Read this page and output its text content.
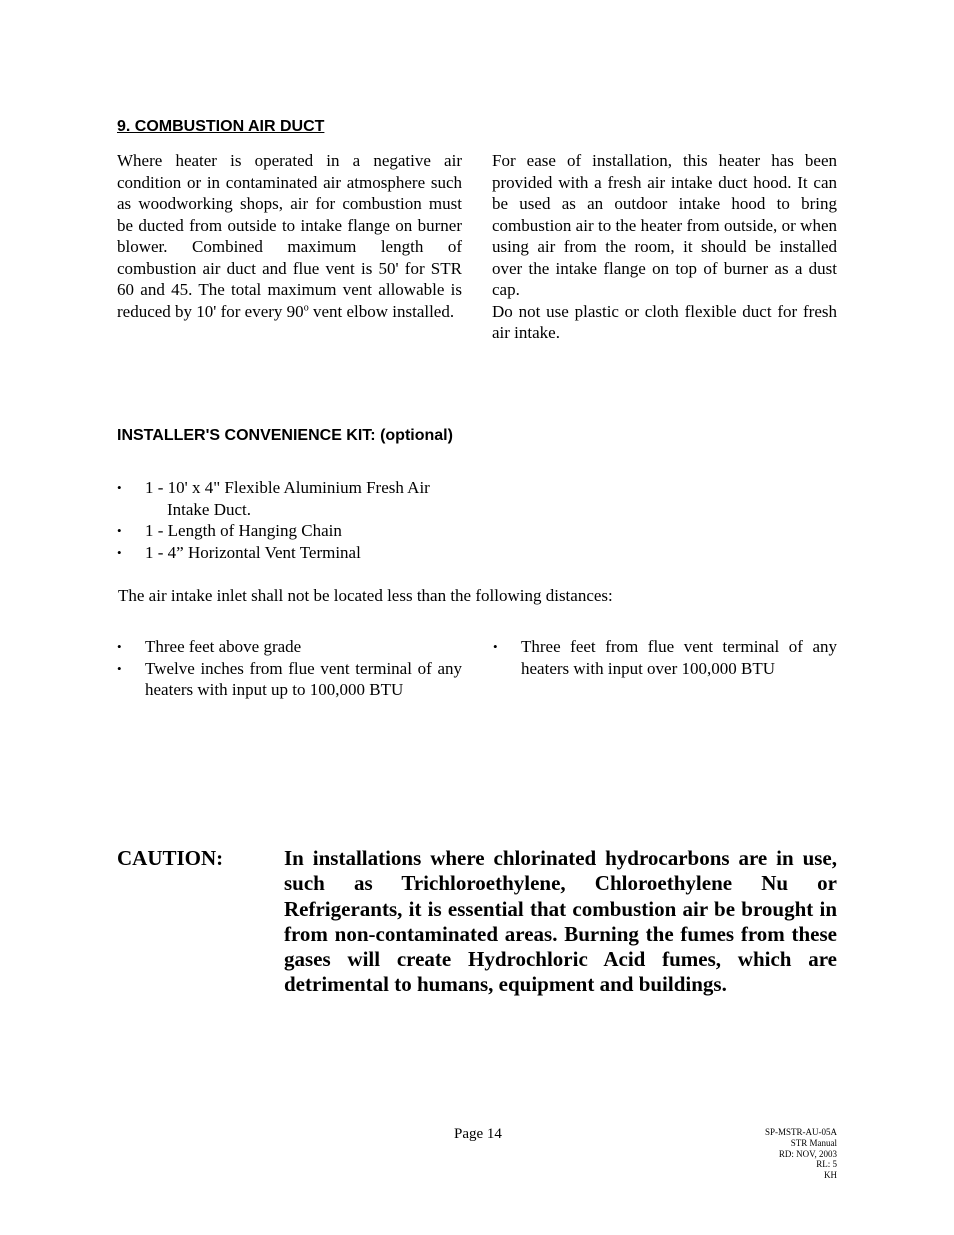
9. COMBUSTION AIR DUCT

Where heater is operated in a negative air condition or in contaminated air atmosphere such as woodworking shops, air for combustion must be ducted from outside to intake flange on burner blower. Combined maximum length of combustion air duct and flue vent is 50' for STR 60 and 45. The total maximum vent allowable is reduced by 10' for every 90$^o$ vent elbow installed.

For ease of installation, this heater has been provided with a fresh air intake duct hood. It can be used as an outdoor intake hood to bring combustion air to the heater from outside, or when using air from the room, it should be installed over the intake flange on top of burner as a dust cap.

Do not use plastic or cloth flexible duct for fresh air intake.

INSTALLER'S CONVENIENCE KIT: (optional)
• 1 - 10' x 4" Flexible Aluminium Fresh Air
Intake Duct.
• 1 - Length of Hanging Chain
• 1 - 4” Horizontal Vent Terminal
The air intake inlet shall not be located less than the following distances:
• Three feet above grade
• Twelve inches from flue vent terminal of any heaters with input up to 100,000 BTU
• Three feet from flue vent terminal of any heaters with input over 100,000 BTU
CAUTION:	In installations where chlorinated hydrocarbons are in use, such as Trichloroethylene, Chloroethylene Nu or Refrigerants, it is essential that combustion air be brought in from non-contaminated areas. Burning the fumes from these gases will create Hydrochloric Acid fumes, which are detrimental to humans, equipment and buildings.
Page 14	SP-MSTR-AU-05A
STR Manual
RD: NOV, 2003
RL: 5
KH
